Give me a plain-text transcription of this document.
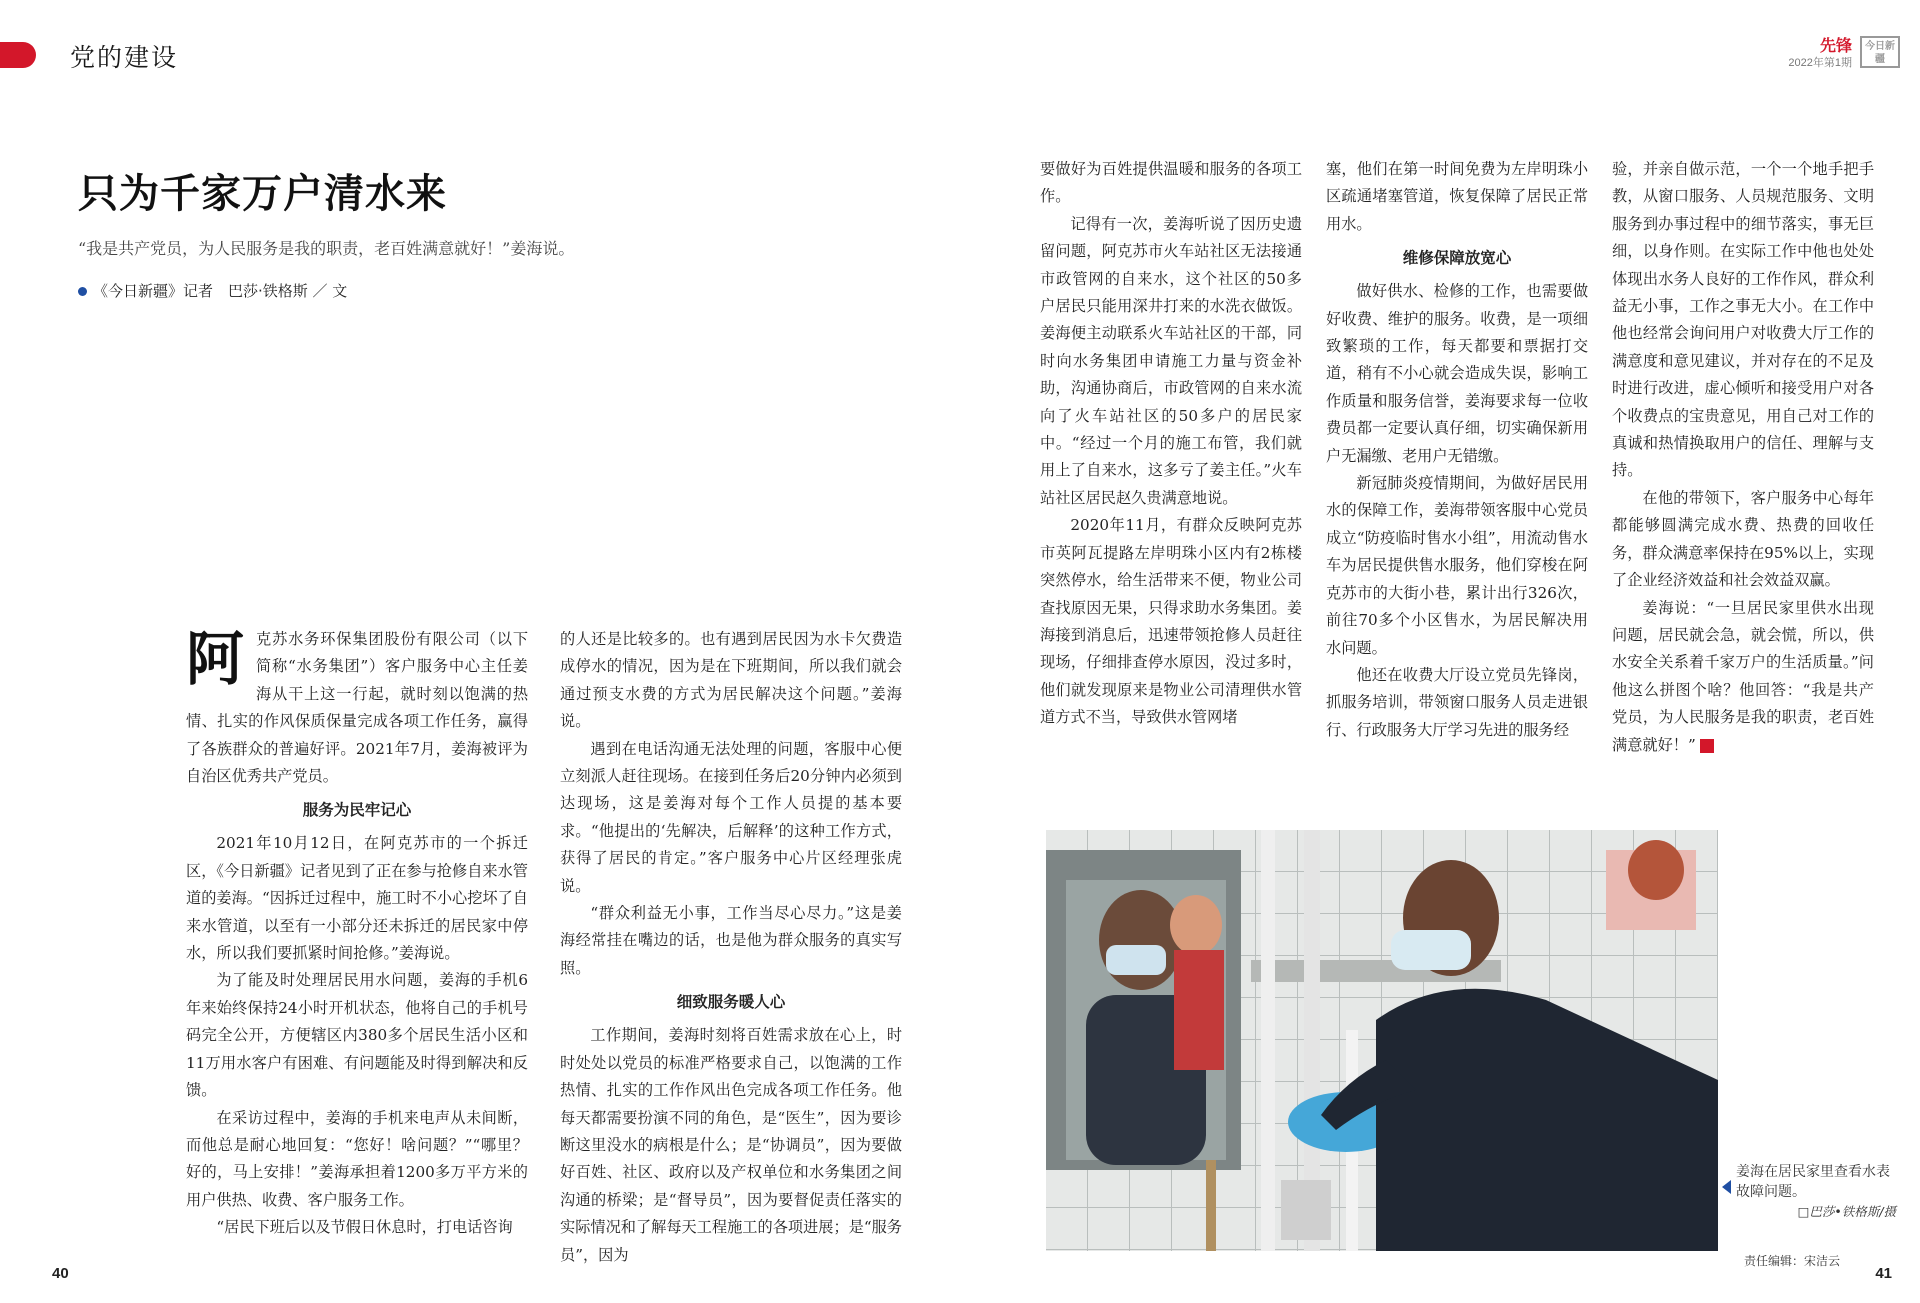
党的建设	先锋
2022年第1期
今日新疆
只为千家万户清水来
“我是共产党员，为人民服务是我的职责，老百姓满意就好！”姜海说。
《今日新疆》记者　巴莎·铁格斯 ／ 文

阿克苏水务环保集团股份有限公司（以下简称“水务集团”）客户服务中心主任姜海从干上这一行起，就时刻以饱满的热情、扎实的作风保质保量完成各项工作任务，赢得了各族群众的普遍好评。2021年7月，姜海被评为自治区优秀共产党员。

服务为民牢记心

2021年10月12日，在阿克苏市的一个拆迁区，《今日新疆》记者见到了正在参与抢修自来水管道的姜海。“因拆迁过程中，施工时不小心挖坏了自来水管道，以至有一小部分还未拆迁的居民家中停水，所以我们要抓紧时间抢修。”姜海说。

为了能及时处理居民用水问题，姜海的手机6年来始终保持24小时开机状态，他将自己的手机号码完全公开，方便辖区内380多个居民生活小区和11万用水客户有困难、有问题能及时得到解决和反馈。

在采访过程中，姜海的手机来电声从未间断，而他总是耐心地回复：“您好！啥问题？”“哪里？好的，马上安排！”姜海承担着1200多万平方米的用户供热、收费、客户服务工作。

“居民下班后以及节假日休息时，打电话咨询

的人还是比较多的。也有遇到居民因为水卡欠费造成停水的情况，因为是在下班期间，所以我们就会通过预支水费的方式为居民解决这个问题。”姜海说。

遇到在电话沟通无法处理的问题，客服中心便立刻派人赶往现场。在接到任务后20分钟内必须到达现场，这是姜海对每个工作人员提的基本要求。“他提出的‘先解决，后解释’的这种工作方式，获得了居民的肯定。”客户服务中心片区经理张虎说。

“群众利益无小事，工作当尽心尽力。”这是姜海经常挂在嘴边的话，也是他为群众服务的真实写照。

细致服务暖人心

工作期间，姜海时刻将百姓需求放在心上，时时处处以党员的标准严格要求自己，以饱满的工作热情、扎实的工作作风出色完成各项工作任务。他每天都需要扮演不同的角色，是“医生”，因为要诊断这里没水的病根是什么；是“协调员”，因为要做好百姓、社区、政府以及产权单位和水务集团之间沟通的桥梁；是“督导员”，因为要督促责任落实的实际情况和了解每天工程施工的各项进展；是“服务员”，因为

要做好为百姓提供温暖和服务的各项工作。

记得有一次，姜海听说了因历史遗留问题，阿克苏市火车站社区无法接通市政管网的自来水，这个社区的50多户居民只能用深井打来的水洗衣做饭。姜海便主动联系火车站社区的干部，同时向水务集团申请施工力量与资金补助，沟通协商后，市政管网的自来水流向了火车站社区的50多户的居民家中。“经过一个月的施工布管，我们就用上了自来水，这多亏了姜主任。”火车站社区居民赵久贵满意地说。

2020年11月，有群众反映阿克苏市英阿瓦提路左岸明珠小区内有2栋楼突然停水，给生活带来不便，物业公司查找原因无果，只得求助水务集团。姜海接到消息后，迅速带领抢修人员赶往现场，仔细排查停水原因，没过多时，他们就发现原来是物业公司清理供水管道方式不当，导致供水管网堵

塞，他们在第一时间免费为左岸明珠小区疏通堵塞管道，恢复保障了居民正常用水。

维修保障放宽心

做好供水、检修的工作，也需要做好收费、维护的服务。收费，是一项细致繁琐的工作，每天都要和票据打交道，稍有不小心就会造成失误，影响工作质量和服务信誉，姜海要求每一位收费员都一定要认真仔细，切实确保新用户无漏缴、老用户无错缴。

新冠肺炎疫情期间，为做好居民用水的保障工作，姜海带领客服中心党员成立“防疫临时售水小组”，用流动售水车为居民提供售水服务，他们穿梭在阿克苏市的大街小巷，累计出行326次，前往70多个小区售水，为居民解决用水问题。

他还在收费大厅设立党员先锋岗，抓服务培训，带领窗口服务人员走进银行、行政服务大厅学习先进的服务经

验，并亲自做示范，一个一个地手把手教，从窗口服务、人员规范服务、文明服务到办事过程中的细节落实，事无巨细，以身作则。在实际工作中他也处处体现出水务人良好的工作作风，群众利益无小事，工作之事无大小。在工作中他也经常会询问用户对收费大厅工作的满意度和意见建议，并对存在的不足及时进行改进，虚心倾听和接受用户对各个收费点的宝贵意见，用自己对工作的真诚和热情换取用户的信任、理解与支持。

在他的带领下，客户服务中心每年都能够圆满完成水费、热费的回收任务，群众满意率保持在95%以上，实现了企业经济效益和社会效益双赢。

姜海说：“一旦居民家里供水出现问题，居民就会急，就会慌，所以，供水安全关系着千家万户的生活质量。”问他这么拼图个啥？他回答：“我是共产党员，为人民服务是我的职责，老百姓满意就好！”

姜海在居民家里查看水表故障问题。
□巴莎•铁格斯/摄
40
责任编辑：宋洁云
41
